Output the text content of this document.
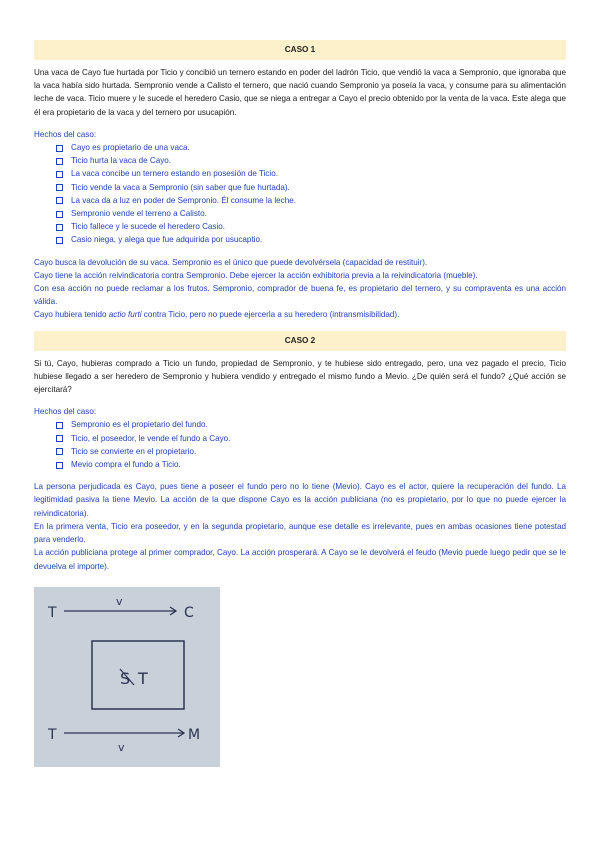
CASO 1
Una vaca de Cayo fue hurtada por Ticio y concibió un ternero estando en poder del ladrón Ticio, que vendió la vaca a Sempronio, que ignoraba que la vaca había sido hurtada. Sempronio vende a Calisto el ternero, que nació cuando Sempronio ya poseía la vaca, y consume para su alimentación leche de vaca. Ticio muere y le sucede el heredero Casio, que se niega a entregar a Cayo el precio obtenido por la venta de la vaca. Este alega que él era propietario de la vaca y del ternero por usucapión.
Hechos del caso:
Cayo es propietario de una vaca.
Ticio hurta la vaca de Cayo.
La vaca concibe un ternero estando en posesión de Ticio.
Ticio vende la vaca a Sempronio (sin saber que fue hurtada).
La vaca da a luz en poder de Sempronio. Él consume la leche.
Sempronio vende el terreno a Calisto.
Ticio fallece y le sucede el heredero Casio.
Casio niega, y alega que fue adquirida por usucaptio.

Cayo busca la devolución de su vaca. Sempronio es el único que puede devolvérsela (capacidad de restituir).

Cayo tiene la acción reivindicatoria contra Sempronio. Debe ejercer la acción exhibitoria previa a la reivindicatoria (mueble).

Con esa acción no puede reclamar a los frutos. Sempronio, comprador de buena fe, es propietario del ternero, y su compraventa es una acción válida.

Cayo hubiera tenido actio furti contra Ticio, pero no puede ejercerla a su heredero (intransmisibilidad).

CASO 2
Si tú, Cayo, hubieras comprado a Ticio un fundo, propiedad de Sempronio, y te hubiese sido entregado, pero, una vez pagado el precio, Ticio hubiese llegado a ser heredero de Sempronio y hubiera vendido y entregado el mismo fundo a Mevio. ¿De quién será el fundo? ¿Qué acción se ejercitará?
Hechos del caso:
Sempronio es el propietario del fundo.
Ticio, el poseedor, le vende el fundo a Cayo.
Ticio se convierte en el propietario.
Mevio compra el fundo a Ticio.

La persona perjudicada es Cayo, pues tiene a poseer el fundo pero no lo tiene (Mevio). Cayo es el actor, quiere la recuperación del fundo. La legitimidad pasiva la tiene Mevio. La acción de la que dispone Cayo es la acción publiciana (no es propietario, por lo que no puede ejercer la reivindicatoria).

En la primera venta, Ticio era poseedor, y en la segunda propietario, aunque ese detalle es irrelevante, pues en ambas ocasiones tiene potestad para venderlo.

La acción publiciana protege al primer comprador, Cayo. La acción prosperará. A Cayo se le devolverá el feudo (Mevio puede luego pedir que se le devuelva el importe).

T
v
C
S T
T
v
M
